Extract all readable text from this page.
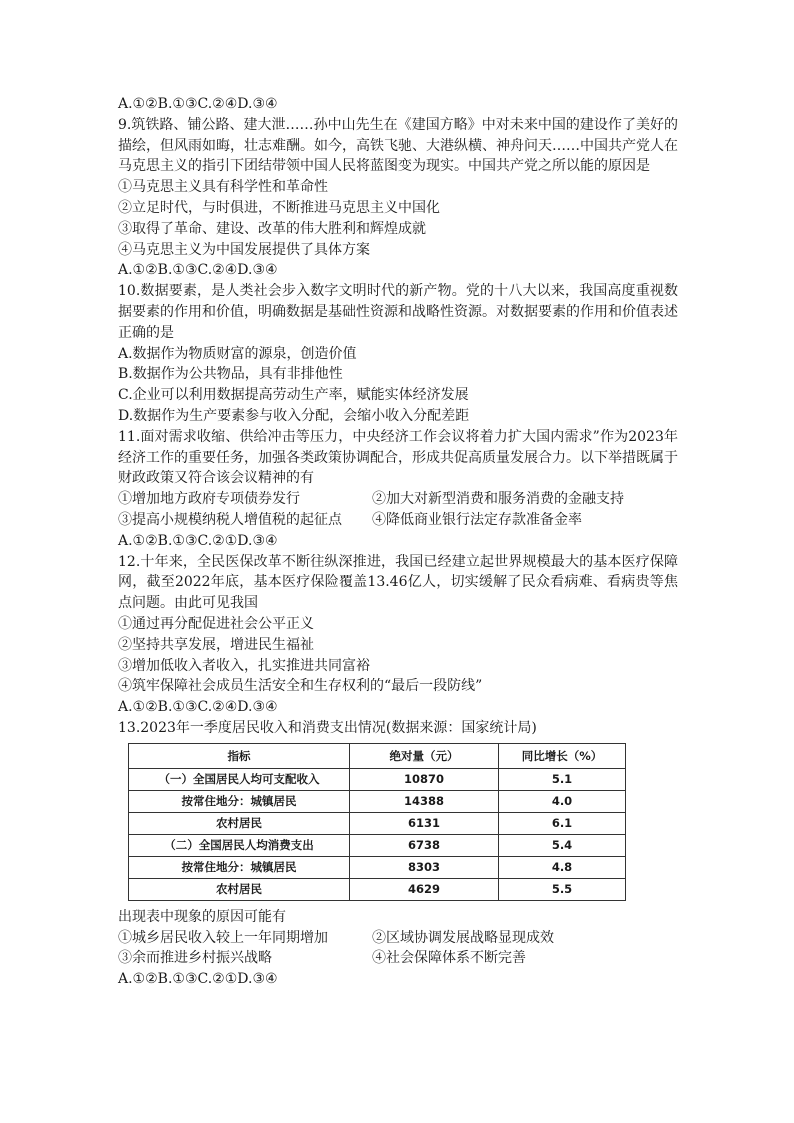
A.①②B.①③C.②④D.③④
9.筑铁路、铺公路、建大泄……孙中山先生在《建国方略》中对未来中国的建设作了美好的描绘，但风雨如晦，壮志难酬。如今，高铁飞驰、大港纵横、神舟问天……中国共产党人在马克思主义的指引下团结带领中国人民将蓝图变为现实。中国共产党之所以能的原因是
①马克思主义具有科学性和革命性
②立足时代，与时俱进，不断推进马克思主义中国化
③取得了革命、建设、改革的伟大胜利和辉煌成就
④马克思主义为中国发展提供了具体方案
A.①②B.①③C.②④D.③④
10.数据要素，是人类社会步入数字文明时代的新产物。党的十八大以来，我国高度重视数据要素的作用和价值，明确数据是基础性资源和战略性资源。对数据要素的作用和价值表述正确的是
A.数据作为物质财富的源泉，创造价值
B.数据作为公共物品，具有非排他性
C.企业可以利用数据提高劳动生产率，赋能实体经济发展
D.数据作为生产要素参与收入分配，会缩小收入分配差距
11.面对需求收缩、供给冲击等压力，中央经济工作会议将着力扩大国内需求”作为2023年经济工作的重要任务，加强各类政策协调配合，形成共促高质量发展合力。以下举措既属于财政政策又符合该会议精神的有
①增加地方政府专项债券发行	②加大对新型消费和服务消费的金融支持
③提高小规模纳税人增值税的起征点	④降低商业银行法定存款准备金率
A.①②B.①③C.②①D.③④
12.十年来，全民医保改革不断往纵深推进，我国已经建立起世界规模最大的基本医疗保障网，截至2022年底，基本医疗保险覆盖13.46亿人，切实缓解了民众看病难、看病贵等焦点问题。由此可见我国
①通过再分配促进社会公平正义
②坚持共享发展，增进民生福祉
③增加低收入者收入，扎实推进共同富裕
④筑牢保障社会成员生活安全和生存权利的“最后一段防线”
A.①②B.①③C.②④D.③④
13.2023年一季度居民收入和消费支出情况(数据来源：国家统计局)
指标	绝对量（元）	同比增长（%）
（一）全国居民人均可支配收入	10870	5.1
按常住地分：城镇居民	14388	4.0
农村居民	6131	6.1
（二）全国居民人均消费支出	6738	5.4
按常住地分：城镇居民	8303	4.8
农村居民	4629	5.5
出现表中现象的原因可能有
①城乡居民收入较上一年同期增加	②区域协调发展战略显现成效
③余而推进乡村振兴战略	④社会保障体系不断完善
A.①②B.①③C.②①D.③④
